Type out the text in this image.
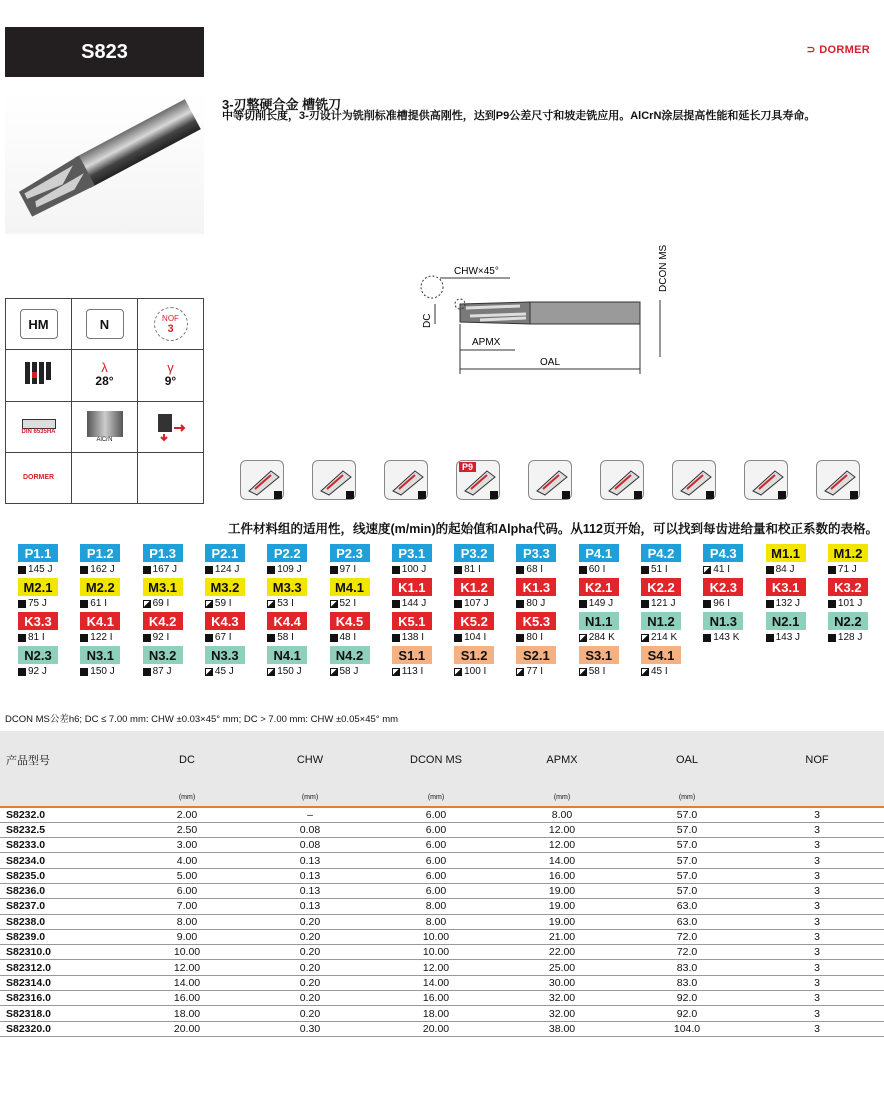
S823	⊃ DORMER
3-刃整硬合金 槽铣刀
中等切削长度，3-刃设计为铣削标准槽提供高刚性，达到P9公差尺寸和坡走铣应用。AlCrN涂层提高性能和延长刀具寿命。
CHW×45°	DCON MS
DC
APMX
OAL
HM	N	NOF
3
λ
28°
γ
9°
DIN 6535HA
AlCrN
DORMER
P9
工件材料组的适用性，线速度(m/min)的起始值和Alpha代码。从112页开始，可以找到每齿进给量和校正系数的表格。
P1.1
145 J
P1.2
162 J
P1.3
167 J
P2.1
124 J
P2.2
109 J
P2.3
97 I
P3.1
100 J
P3.2
81 I
P3.3
68 I
P4.1
60 I
P4.2
51 I
P4.3
41 I
M1.1
84 J
M1.2
71 J
M2.1
75 J
M2.2
61 I
M3.1
69 I
M3.2
59 I
M3.3
53 I
M4.1
52 I
K1.1
144 J
K1.2
107 J
K1.3
80 J
K2.1
149 J
K2.2
121 J
K2.3
96 I
K3.1
132 J
K3.2
101 J
K3.3
81 I
K4.1
122 I
K4.2
92 I
K4.3
67 I
K4.4
58 I
K4.5
48 I
K5.1
138 I
K5.2
104 I
K5.3
80 I
N1.1
284 K
N1.2
214 K
N1.3
143 K
N2.1
143 J
N2.2
128 J
N2.3
92 J
N3.1
150 J
N3.2
87 J
N3.3
45 J
N4.1
150 J
N4.2
58 J
S1.1
113 I
S1.2
100 I
S2.1
77 I
S3.1
58 I
S4.1
45 I
DCON MS公差h6; DC ≤ 7.00 mm: CHW ±0.03×45° mm; DC > 7.00 mm: CHW ±0.05×45° mm
产品型号	DC	CHW	DCON MS	APMX	OAL	NOF
	(mm)	(mm)	(mm)	(mm)	(mm)	
S8232.0	2.00	–	6.00	8.00	57.0	3
S8232.5	2.50	0.08	6.00	12.00	57.0	3
S8233.0	3.00	0.08	6.00	12.00	57.0	3
S8234.0	4.00	0.13	6.00	14.00	57.0	3
S8235.0	5.00	0.13	6.00	16.00	57.0	3
S8236.0	6.00	0.13	6.00	19.00	57.0	3
S8237.0	7.00	0.13	8.00	19.00	63.0	3
S8238.0	8.00	0.20	8.00	19.00	63.0	3
S8239.0	9.00	0.20	10.00	21.00	72.0	3
S82310.0	10.00	0.20	10.00	22.00	72.0	3
S82312.0	12.00	0.20	12.00	25.00	83.0	3
S82314.0	14.00	0.20	14.00	30.00	83.0	3
S82316.0	16.00	0.20	16.00	32.00	92.0	3
S82318.0	18.00	0.20	18.00	32.00	92.0	3
S82320.0	20.00	0.30	20.00	38.00	104.0	3
